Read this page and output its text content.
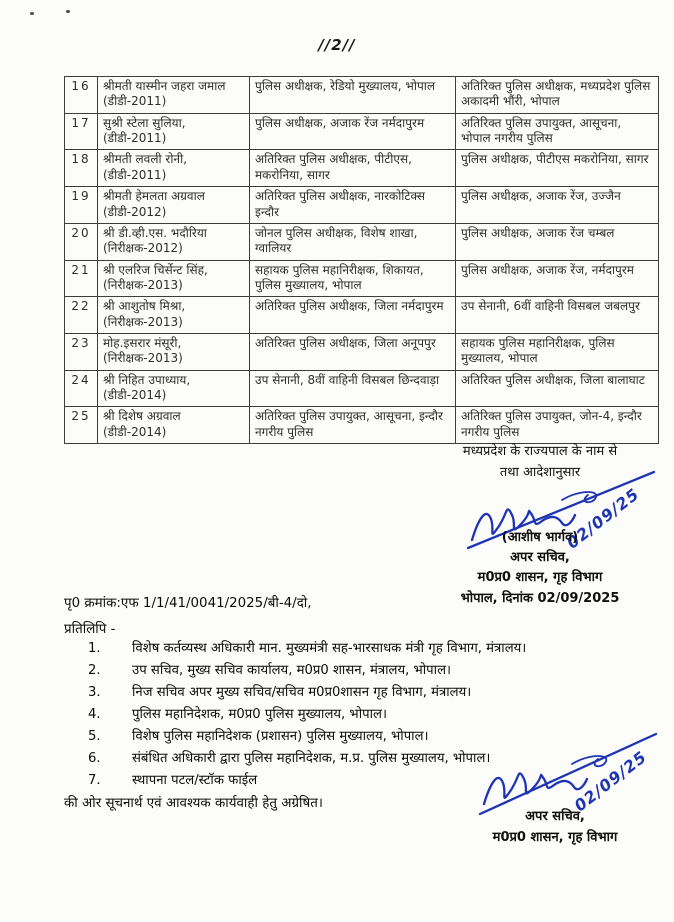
//2//
16	श्रीमती यास्मीन जहरा जमाल (डीडी-2011)	पुलिस अधीक्षक, रेडियो मुख्यालय, भोपाल	अतिरिक्त पुलिस अधीक्षक, मध्यप्रदेश पुलिस अकादमी भौंरी, भोपाल
17	सुश्री स्टेला सुलिया, (डीडी-2011)	पुलिस अधीक्षक, अजाक रेंज नर्मदापुरम	अतिरिक्त पुलिस उपायुक्त, आसूचना, भोपाल नगरीय पुलिस
18	श्रीमती लवली रोनी, (डीडी-2011)	अतिरिक्त पुलिस अधीक्षक, पीटीएस, मकरोनिया, सागर	पुलिस अधीक्षक, पीटीएस मकरोनिया, सागर
19	श्रीमती हेमलता अग्रवाल (डीडी-2012)	अतिरिक्त पुलिस अधीक्षक, नारकोटिक्स इन्दौर	पुलिस अधीक्षक, अजाक रेंज, उज्जैन
20	श्री डी.व्ही.एस. भदौरिया (निरीक्षक-2012)	जोनल पुलिस अधीक्षक, विशेष शाखा, ग्वालियर	पुलिस अधीक्षक, अजाक रेंज चम्बल
21	श्री एलरिज चिर्सेन्ट सिंह, (निरीक्षक-2013)	सहायक पुलिस महानिरीक्षक, शिकायत, पुलिस मुख्यालय, भोपाल	पुलिस अधीक्षक, अजाक रेंज, नर्मदापुरम
22	श्री आशुतोष मिश्रा, (निरीक्षक-2013)	अतिरिक्त पुलिस अधीक्षक, जिला नर्मदापुरम	उप सेनानी, 6वीं वाहिनी विसबल जबलपुर
23	मोह.इसरार मंसूरी, (निरीक्षक-2013)	अतिरिक्त पुलिस अधीक्षक, जिला अनूपपुर	सहायक पुलिस महानिरीक्षक, पुलिस मुख्यालय, भोपाल
24	श्री निहित उपाध्याय, (डीडी-2014)	उप सेनानी, 8वीं वाहिनी विसबल छिन्दवाड़ा	अतिरिक्त पुलिस अधीक्षक, जिला बालाघाट
25	श्री दिशेष अग्रवाल (डीडी-2014)	अतिरिक्त पुलिस उपायुक्त, आसूचना, इन्दौर नगरीय पुलिस	अतिरिक्त पुलिस उपायुक्त, जोन-4, इन्दौर नगरीय पुलिस
मध्यप्रदेश के राज्यपाल के नाम से
तथा आदेशानुसार
02/09/25
(आशीष भार्गव)
अपर सचिव,
म0प्र0 शासन, गृह विभाग
भोपाल, दिनांक 02/09/2025
पृ0 क्रमांक:एफ 1/1/41/0041/2025/बी-4/दो,
प्रतिलिपि -
1.	विशेष कर्तव्यस्थ अधिकारी मान. मुख्यमंत्री सह-भारसाधक मंत्री गृह विभाग, मंत्रालय।
2.	उप सचिव, मुख्य सचिव कार्यालय, म0प्र0 शासन, मंत्रालय, भोपाल।
3.	निज सचिव अपर मुख्य सचिव/सचिव म0प्र0शासन गृह विभाग, मंत्रालय।
4.	पुलिस महानिदेशक, म0प्र0 पुलिस मुख्यालय, भोपाल।
5.	विशेष पुलिस महानिदेशक (प्रशासन) पुलिस मुख्यालय, भोपाल।
6.	संबंधित अधिकारी द्वारा पुलिस महानिदेशक, म.प्र. पुलिस मुख्यालय, भोपाल।
7.	स्थापना पटल/स्टॉक फाईल
की ओर सूचनार्थ एवं आवश्यक कार्यवाही हेतु अग्रेषित।	02/09/25
अपर सचिव,
म0प्र0 शासन, गृह विभाग
